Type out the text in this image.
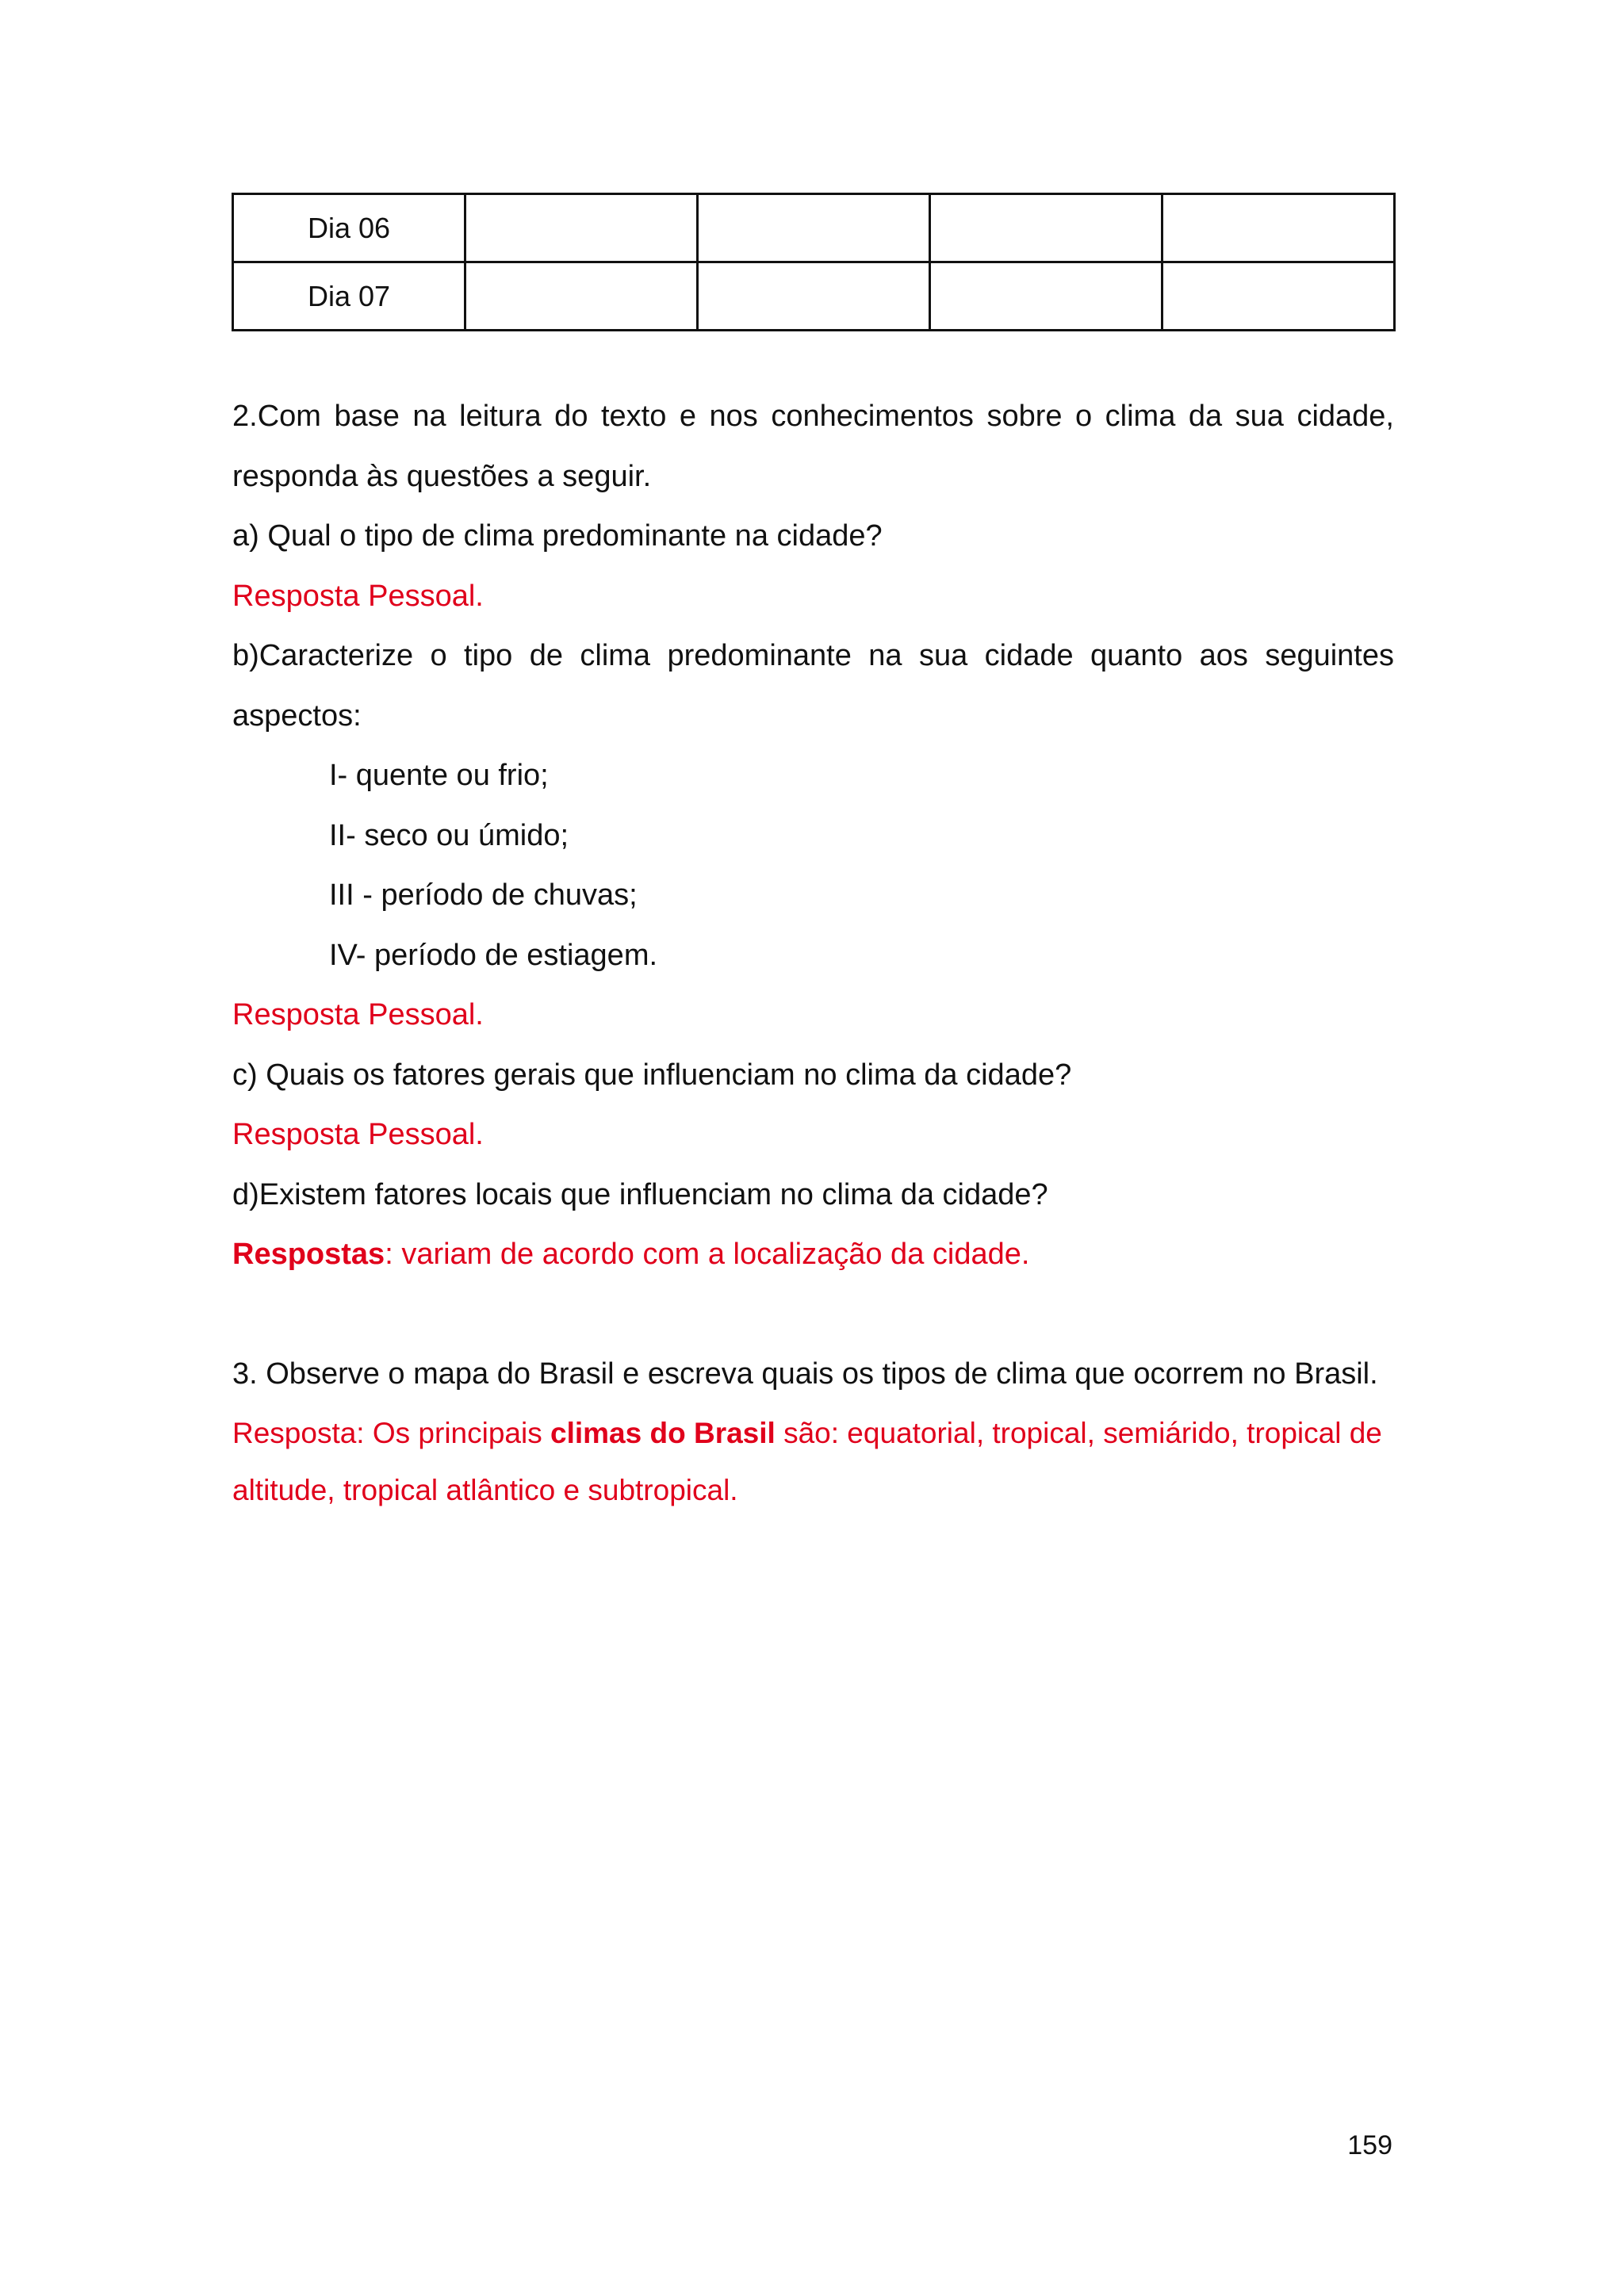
Dia 06				
Dia 07				
2.Com base na leitura do texto e nos conhecimentos sobre o clima da sua cidade,
responda às questões a seguir.
a) Qual o tipo de clima predominante na cidade?
Resposta Pessoal.
b)Caracterize o tipo de clima predominante na sua cidade quanto aos seguintes
aspectos:
I- quente ou frio;
II- seco ou úmido;
III - período de chuvas;
IV- período de estiagem.
Resposta Pessoal.
c) Quais os fatores gerais que influenciam no clima da cidade?
Resposta Pessoal.
d)Existem fatores locais que influenciam no clima da cidade?
Respostas: variam de acordo com a localização da cidade.
3. Observe o mapa do Brasil e escreva quais os tipos de clima que ocorrem no Brasil.
Resposta: Os principais climas do Brasil são: equatorial, tropical, semiárido, tropical de
altitude, tropical atlântico e subtropical.
159
